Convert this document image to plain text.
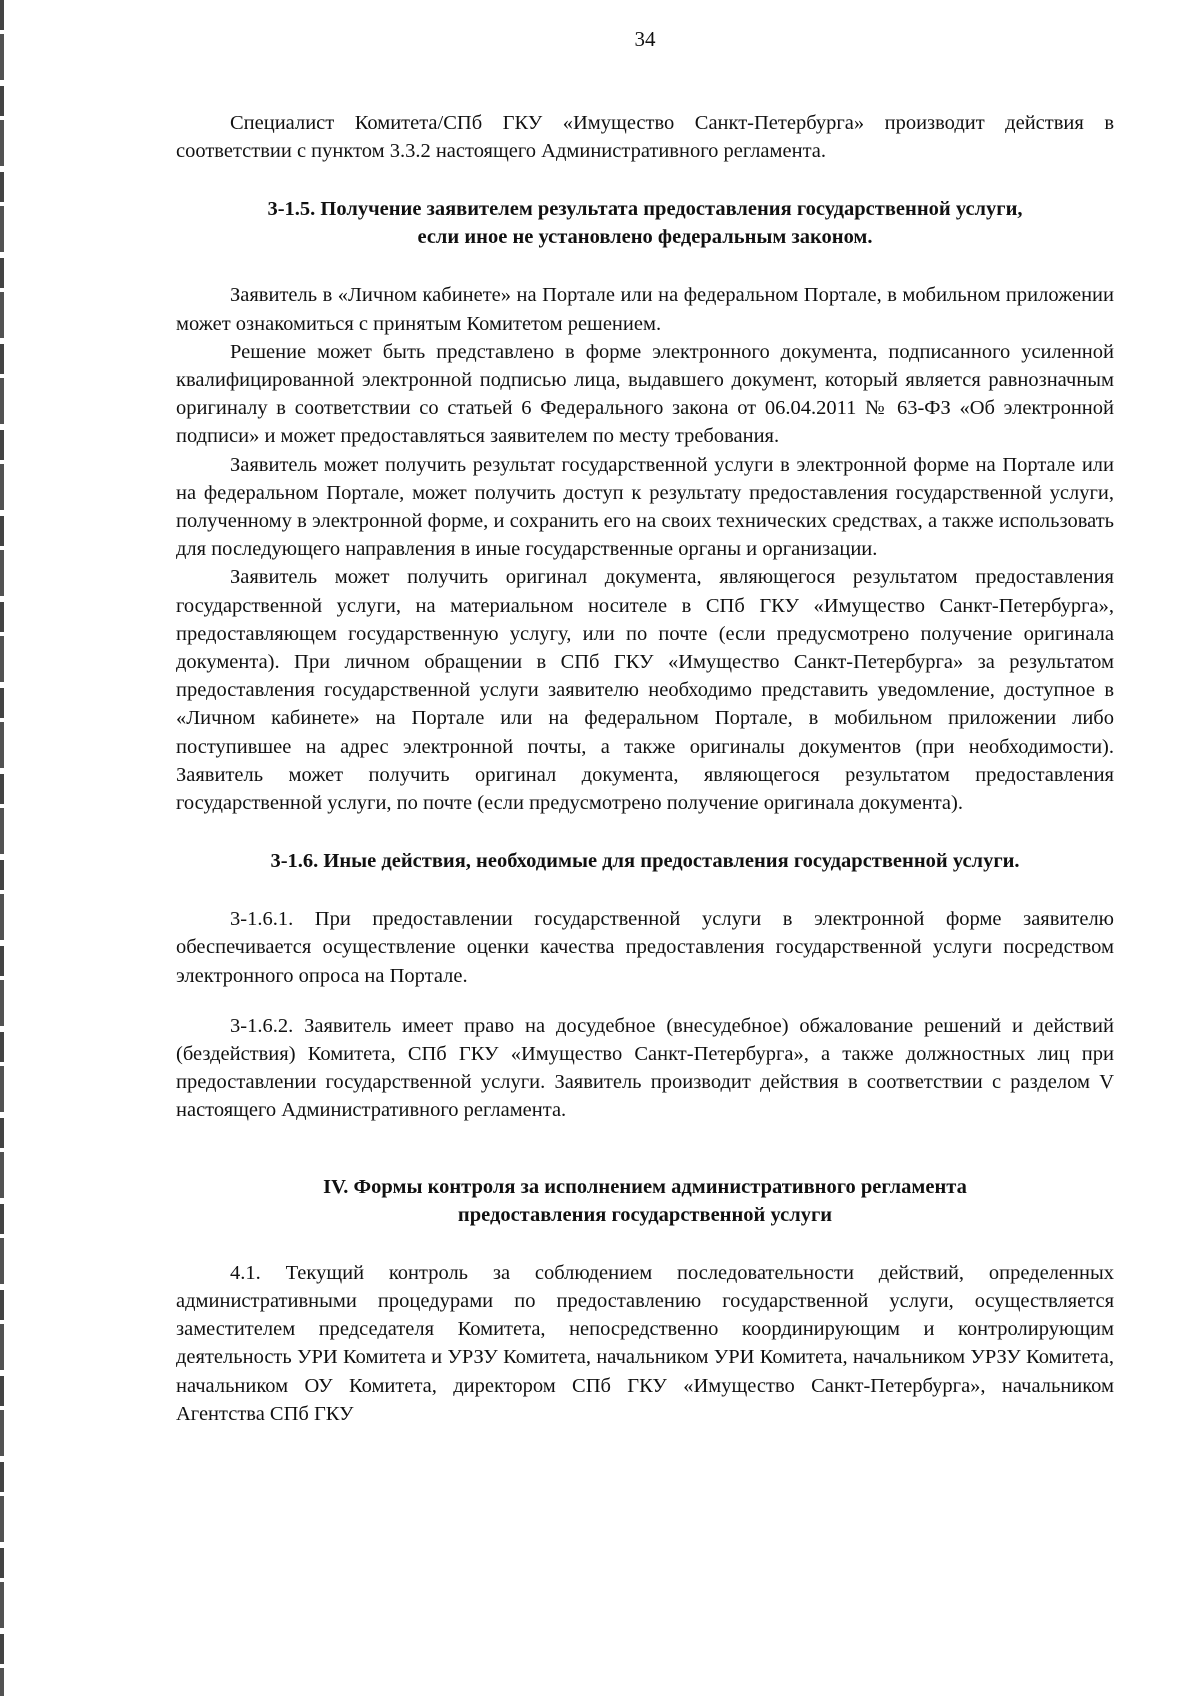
34

Специалист Комитета/СПб ГКУ «Имущество Санкт-Петербурга» производит действия в соответствии с пунктом 3.3.2 настоящего Административного регламента.

3-1.5. Получение заявителем результата предоставления государственной услуги, если иное не установлено федеральным законом.

Заявитель в «Личном кабинете» на Портале или на федеральном Портале, в мобильном приложении может ознакомиться с принятым Комитетом решением.

Решение может быть представлено в форме электронного документа, подписанного усиленной квалифицированной электронной подписью лица, выдавшего документ, который является равнозначным оригиналу в соответствии со статьей 6 Федерального закона от 06.04.2011 № 63-ФЗ «Об электронной подписи» и может предоставляться заявителем по месту требования.

Заявитель может получить результат государственной услуги в электронной форме на Портале или на федеральном Портале, может получить доступ к результату предоставления государственной услуги, полученному в электронной форме, и сохранить его на своих технических средствах, а также использовать для последующего направления в иные государственные органы и организации.

Заявитель может получить оригинал документа, являющегося результатом предоставления государственной услуги, на материальном носителе в СПб ГКУ «Имущество Санкт-Петербурга», предоставляющем государственную услугу, или по почте (если предусмотрено получение оригинала документа). При личном обращении в СПб ГКУ «Имущество Санкт-Петербурга» за результатом предоставления государственной услуги заявителю необходимо представить уведомление, доступное в «Личном кабинете» на Портале или на федеральном Портале, в мобильном приложении либо поступившее на адрес электронной почты, а также оригиналы документов (при необходимости). Заявитель может получить оригинал документа, являющегося результатом предоставления государственной услуги, по почте (если предусмотрено получение оригинала документа).

3-1.6. Иные действия, необходимые для предоставления государственной услуги.

3-1.6.1. При предоставлении государственной услуги в электронной форме заявителю обеспечивается осуществление оценки качества предоставления государственной услуги посредством электронного опроса на Портале.

3-1.6.2. Заявитель имеет право на досудебное (внесудебное) обжалование решений и действий (бездействия) Комитета, СПб ГКУ «Имущество Санкт-Петербурга», а также должностных лиц при предоставлении государственной услуги. Заявитель производит действия в соответствии с разделом V настоящего Административного регламента.

IV. Формы контроля за исполнением административного регламента предоставления государственной услуги

4.1. Текущий контроль за соблюдением последовательности действий, определенных административными процедурами по предоставлению государственной услуги, осуществляется заместителем председателя Комитета, непосредственно координирующим и контролирующим деятельность УРИ Комитета и УРЗУ Комитета, начальником УРИ Комитета, начальником УРЗУ Комитета, начальником ОУ Комитета, директором СПб ГКУ «Имущество Санкт-Петербурга», начальником Агентства СПб ГКУ
